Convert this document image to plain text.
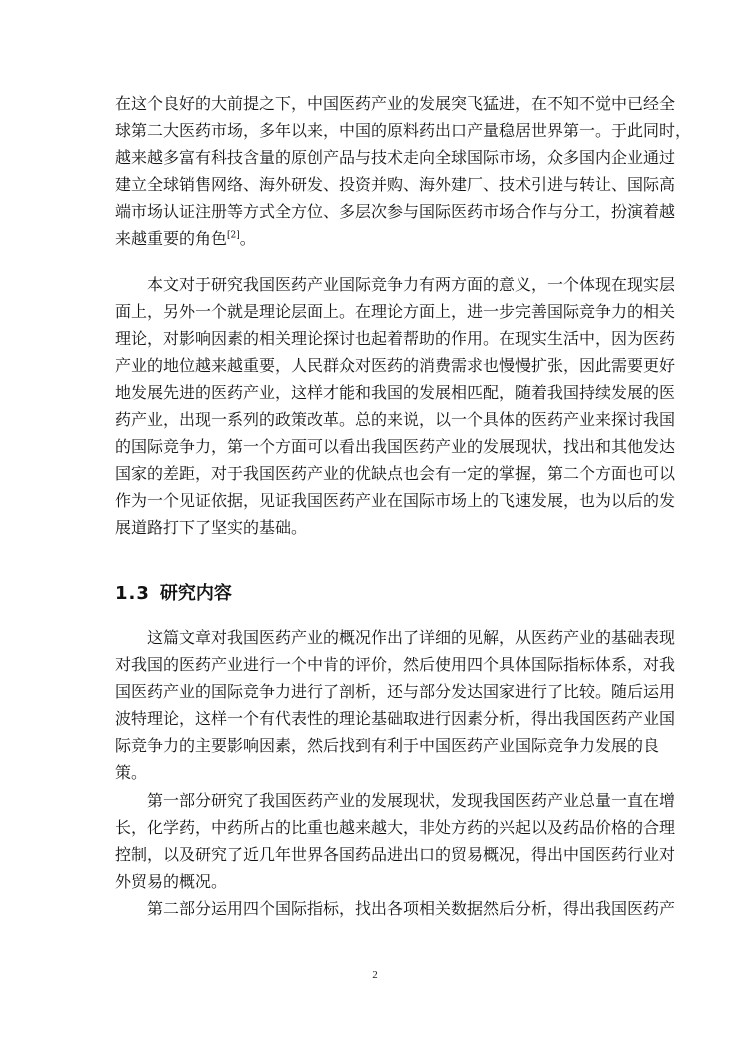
在这个良好的大前提之下，中国医药产业的发展突飞猛进，在不知不觉中已经全
球第二大医药市场，多年以来，中国的原料药出口产量稳居世界第一。于此同时，
越来越多富有科技含量的原创产品与技术走向全球国际市场，众多国内企业通过
建立全球销售网络、海外研发、投资并购、海外建厂、技术引进与转让、国际高
端市场认证注册等方式全方位、多层次参与国际医药市场合作与分工，扮演着越
来越重要的角色[2]。
本文对于研究我国医药产业国际竞争力有两方面的意义，一个体现在现实层
面上，另外一个就是理论层面上。在理论方面上，进一步完善国际竞争力的相关
理论，对影响因素的相关理论探讨也起着帮助的作用。在现实生活中，因为医药
产业的地位越来越重要，人民群众对医药的消费需求也慢慢扩张，因此需要更好
地发展先进的医药产业，这样才能和我国的发展相匹配，随着我国持续发展的医
药产业，出现一系列的政策改革。总的来说，以一个具体的医药产业来探讨我国
的国际竞争力，第一个方面可以看出我国医药产业的发展现状，找出和其他发达
国家的差距，对于我国医药产业的优缺点也会有一定的掌握，第二个方面也可以
作为一个见证依据，见证我国医药产业在国际市场上的飞速发展，也为以后的发
展道路打下了坚实的基础。
1.3 研究内容
这篇文章对我国医药产业的概况作出了详细的见解，从医药产业的基础表现
对我国的医药产业进行一个中肯的评价，然后使用四个具体国际指标体系，对我
国医药产业的国际竞争力进行了剖析，还与部分发达国家进行了比较。随后运用
波特理论，这样一个有代表性的理论基础取进行因素分析，得出我国医药产业国
际竞争力的主要影响因素，然后找到有利于中国医药产业国际竞争力发展的良
策。
第一部分研究了我国医药产业的发展现状，发现我国医药产业总量一直在增
长，化学药，中药所占的比重也越来越大，非处方药的兴起以及药品价格的合理
控制，以及研究了近几年世界各国药品进出口的贸易概况，得出中国医药行业对
外贸易的概况。
第二部分运用四个国际指标，找出各项相关数据然后分析，得出我国医药产
2
